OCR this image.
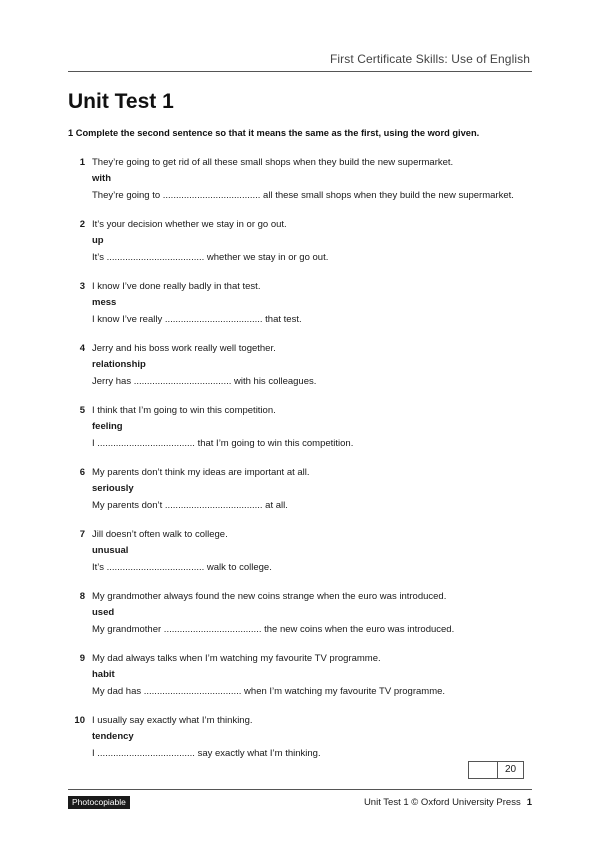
First Certificate Skills: Use of English
Unit Test 1
1 Complete the second sentence so that it means the same as the first, using the word given.
1 They’re going to get rid of all these small shops when they build the new supermarket.
with
They’re going to ..................................... all these small shops when they build the new supermarket.
2 It’s your decision whether we stay in or go out.
up
It’s ..................................... whether we stay in or go out.
3 I know I’ve done really badly in that test.
mess
I know I’ve really ..................................... that test.
4 Jerry and his boss work really well together.
relationship
Jerry has ..................................... with his colleagues.
5 I think that I’m going to win this competition.
feeling
I ..................................... that I’m going to win this competition.
6 My parents don’t think my ideas are important at all.
seriously
My parents don’t ..................................... at all.
7 Jill doesn’t often walk to college.
unusual
It’s ..................................... walk to college.
8 My grandmother always found the new coins strange when the euro was introduced.
used
My grandmother ..................................... the new coins when the euro was introduced.
9 My dad always talks when I’m watching my favourite TV programme.
habit
My dad has ..................................... when I’m watching my favourite TV programme.
10 I usually say exactly what I’m thinking.
tendency
I ..................................... say exactly what I’m thinking.
20
Photocopiable	Unit Test 1 © Oxford University Press 1
